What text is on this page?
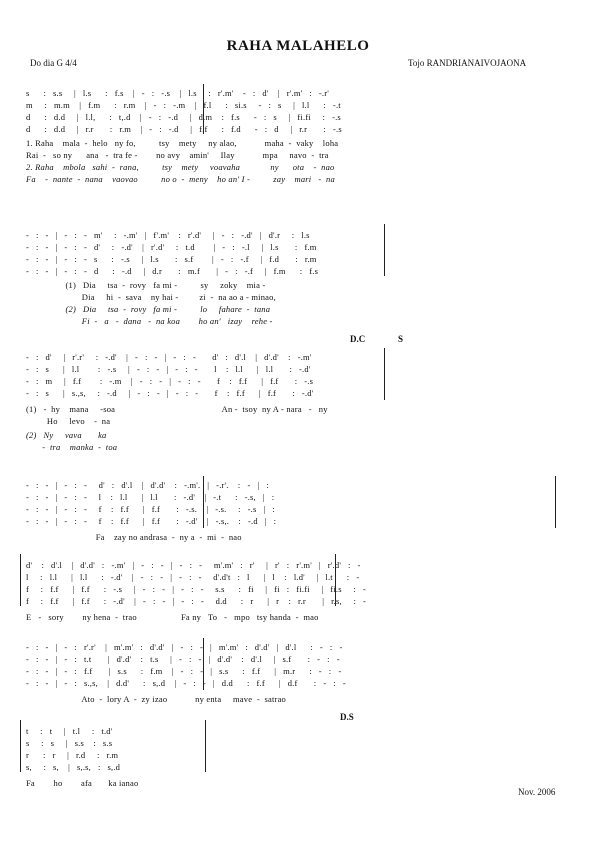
RAHA MALAHELO
Do dia G 4/4	Tojo RANDRIANAIVOJAONA
s      :   s.s     |   l.s      :   f.s    |   -   :   -.s    |   l.s     :   r'.m'    -   :   d'    |   r'.m'   :   -.r'
m     :   m.m    |   f.m      :   r.m    |   -   :   -.m    |   f.l      :   si.s     -   :   s     |   l.l      :   -.t
d      :   d.d     |   l.l,      :   t,.d    |   -   :   -.d     |   d.m    :   f.s      -   :   s     |   fi.fi     :   -.s
d      :   d.d     |   r.r       :   r.m    |   -   :   -.d     |   f.f      :   f.d      -   :   d     |   r.r       :   -.s
1. Raha    mala  -  helo   ny fo,          tsy    mety     ny alao,            maha  -  vaky    loha
Rai  -   so ny      ana   -  tra fe -        no avy    amin'     Ilay            mpa     navo  -  tra
2. Raha    mbola   sahi  -  rana,          tsy    mety     voavaha             ny      ota    -  nao
Fa    -  nante  -  nana    vaovao          no o  -  meny    ho an' I -          zay    mari   -  na
-   :   -   |   -   :   -   m'     :   -.m'   |   f'.m'    :   r'.d'     |   -   :   -.d'   |   d'.r     :   l.s
-   :   -   |   -   :   -   d'     :   -.d'    |   r'.d'     :   t.d        |   -   :   -.l     |   l.s       :   f.m
-   :   -   |   -   :   -   s      :   -.s     |   l.s       :   s.f        |   -   :   -.f     |   f.d       :   r.m
-   :   -   |   -   :   -   d      :   -.d     |   d.r       :   m.f       |   -   :   -.f     |   f.m      :   f.s
(1)   Dia     tsa  -  rovy   fa mi -          sy     zoky    mia -
Dia     hi  -  sava    ny hai -         zi  -  na ao a - minao,
(2)   Dia     tsa  -  rovy   fa mi -          lo     fahare  -  tana
Fi  -   a   -  dana   -  na koa        ho an'   izay    rehe -
D.C	S
-   :   d'     |   r'.r'     :   -.d'    |   -   :   -   |   -   :   -       d'   :   d'.l    |   d'.d'    :   -.m'
-   :   s      |   l.l        :   -.s     |   -   :   -   |   -   :   -       l    :   l.l      |   l.l       :   -.d'
-   :   m     |   f.f        :   -.m    |   -   :   -   |   -   :   -       f    :   f.f      |   f.f       :   -.s
-   :   s      |   s.,s,     :   -.d     |   -   :   -   |   -   :   -       f    :   f.f      |   f.f       :   -.d'
(1)   -  hy    mana     -soa                                              An -  tsoy  ny A - nara   -   ny
Ho     levo    -  na
(2)   Ny     vava       ka
-  tra    manka  -  toa
-   :   -   |   -   :   -     d'   :   d'.l    |   d'.d'    :   -.m'.   |   -.r'.    :   -   |   :
-   :   -   |   -   :   -     l    :   l.l      |   l.l       :   -.d'    |   -.t      :   -.s,   |   :
-   :   -   |   -   :   -     f    :   f.f      |   f.f       :   -.s.    |   -.s.     :   -.s   |   :
-   :   -   |   -   :   -     f    :   f.f      |   f.f       :   -.d'    |   -.s,.    :   -.d   |   :
Fa    zay no andrasa  -  ny a  -  mi  -  nao
d'    :   d'.l    |   d'.d'   :   -.m'   |   -   :   -   |   -   :   -     m'.m'   :   r'     |   r'   :   r'.m'   |   r'.d'   :   -
l     :   l.l      |   l.l      :   -.d'    |   -   :   -   |   -   :   -     d'.d't   :   l      |   l    :   l.d'     |   l.t      :   -
f     :   f.f      |   f.f      :   -.s     |   -   :   -   |   -   :   -     s.s      :   fi     |   fi   :   fi.fi     |   fi.s     :   -
f     :   f.f      |   f.f      :   -.d'    |   -   :   -   |   -   :   -     d.d      :   r      |   r    :   r.r       |   r.s,     :   -
E   -   sory        ny hena  -  trao                   Fa ny   To   -   mpo   tsy handa  -  mao
-   :   -   |   -   :   r'.r'    |   m'.m'   :   d'.d'   |   -   :   -   |   m'.m'   :   d'.d'   |   d'.l      :   -   :   -
-   :   -   |   -   :   t.t       |   d'.d'    :   t.s     |   -   :   -   |   d'.d'    :   d'.l     |   s.f       :   -   :   -
-   :   -   |   -   :   f.f       |   s.s      :   f.m    |   -   :   -   |   s.s      :   f.f      |   m.r      :   -   :   -
-   :   -   |   -   :   s.,s,    |   d.d'      :   s,.d    |   -   :   -   |   d.d      :   f.f      |   d.f       :   -   :   -
Ato  -  lory A  -  zy izao            ny enta     mave  -  satrao
D.S
t     :   t     |   t.l     :   t.d'
s     :   s     |   s.s    :   s.s
r      :   r     |   r.d     :   r.m
s,     :   s,    |   s,.s,   :   s,.d
Fa        ho        afa       ka ianao
Nov. 2006
